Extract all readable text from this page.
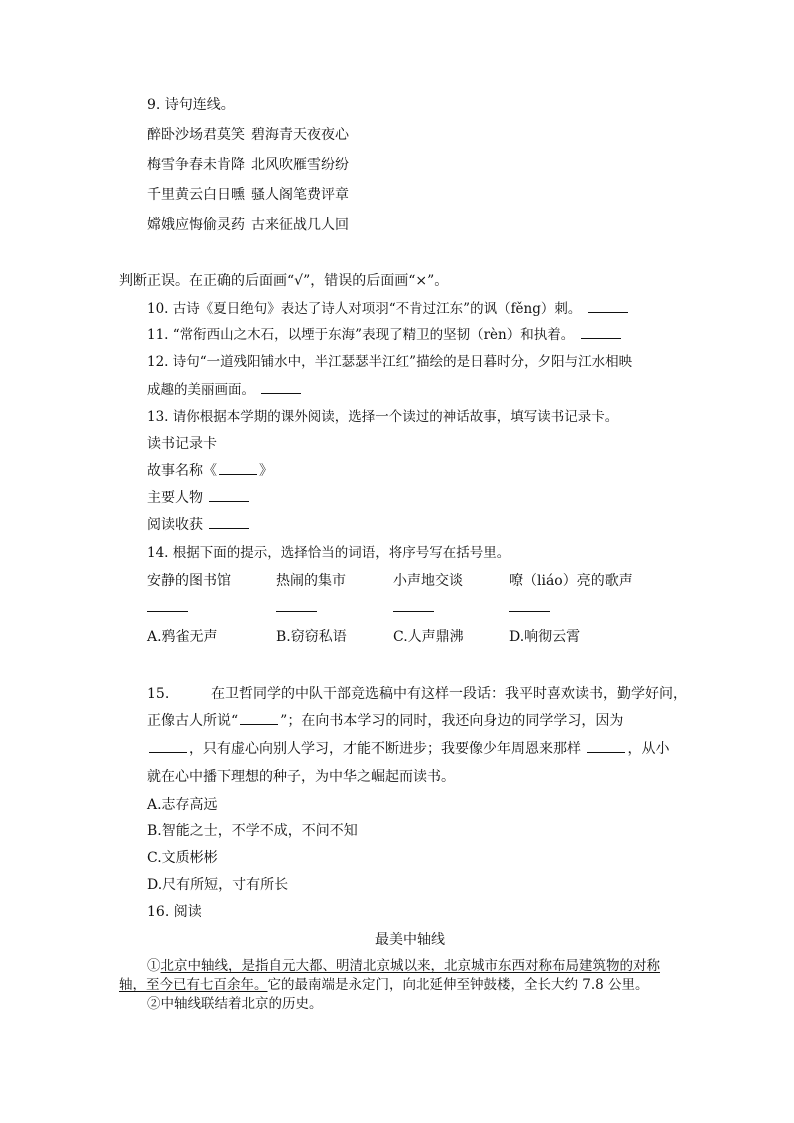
9. 诗句连线。
醉卧沙场君莫笑 碧海青天夜夜心
梅雪争春未肯降 北风吹雁雪纷纷
千里黄云白日曛 骚人阁笔费评章
嫦娥应悔偷灵药 古来征战几人回
判断正误。在正确的后面画“√”，错误的后面画“×”。
10. 古诗《夏日绝句》表达了诗人对项羽“不肯过江东”的讽（fěng）刺。
11. “常衔西山之木石，以堙于东海”表现了精卫的坚韧（rèn）和执着。
12. 诗句“一道残阳铺水中，半江瑟瑟半江红”描绘的是日暮时分，夕阳与江水相映
成趣的美丽画面。
13. 请你根据本学期的课外阅读，选择一个读过的神话故事，填写读书记录卡。
读书记录卡
故事名称《	》
主要人物
阅读收获
14. 根据下面的提示，选择恰当的词语，将序号写在括号里。
安静的图书馆	热闹的集市	小声地交谈	嘹（liáo）亮的歌声
A.鸦雀无声	B.窃窃私语	C.人声鼎沸	D.响彻云霄
15.	在卫哲同学的中队干部竞选稿中有这样一段话：我平时喜欢读书，勤学好问，
正像古人所说“	”；在向书本学习的同时，我还向身边的同学学习，因为
，只有虚心向别人学习，才能不断进步；我要像少年周恩来那样	，从小
就在心中播下理想的种子，为中华之崛起而读书。
A.志存高远
B.智能之士，不学不成，不问不知
C.文质彬彬
D.尺有所短，寸有所长
16. 阅读
最美中轴线
①北京中轴线，是指自元大都、明清北京城以来，北京城市东西对称布局建筑物的对称
轴，至今已有七百余年。它的最南端是永定门，向北延伸至钟鼓楼，全长大约 7.8 公里。
②中轴线联结着北京的历史。
